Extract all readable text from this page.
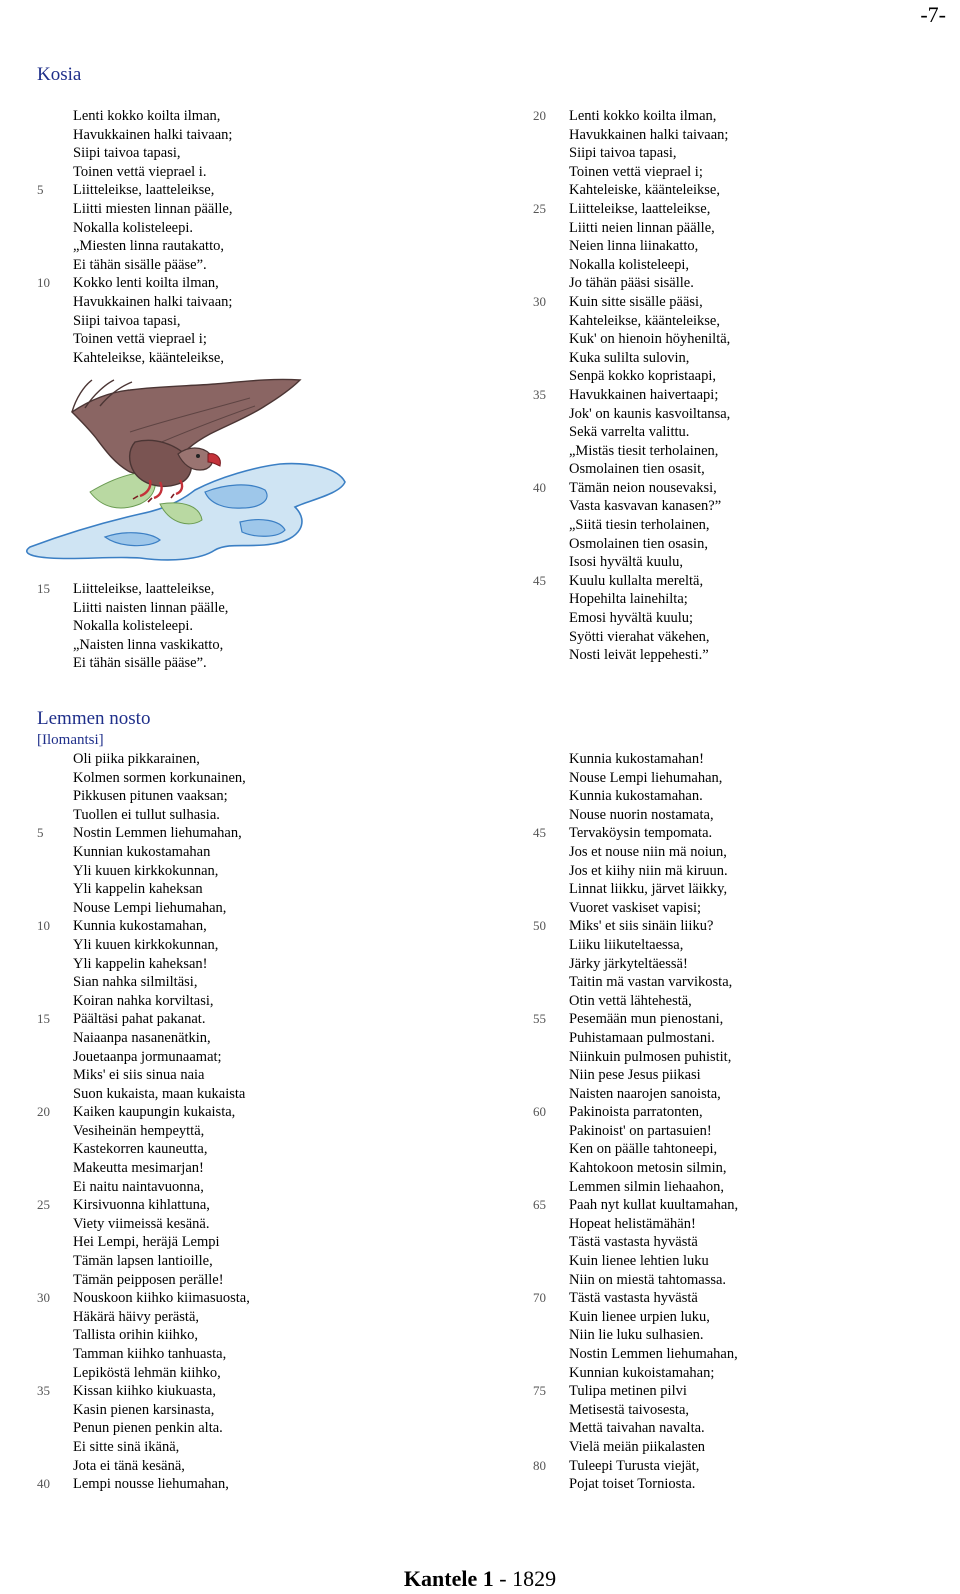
-7-
Kosia
Lenti kokko koilta ilman,
Havukkainen halki taivaan;
Siipi taivoa tapasi,
Toinen vettä vieprael i.
5	Liitteleikse, laatteleikse,
Liitti miesten linnan päälle,
Nokalla kolisteleepi.
„Miesten linna rautakatto,
Ei tähän sisälle pääse”.
10	Kokko lenti koilta ilman,
Havukkainen halki taivaan;
Siipi taivoa tapasi,
Toinen vettä vieprael i;
Kahteleikse, käänteleikse,
15	Liitteleikse, laatteleikse,
Liitti naisten linnan päälle,
Nokalla kolisteleepi.
„Naisten linna vaskikatto,
Ei tähän sisälle pääse”.
20	Lenti kokko koilta ilman,
Havukkainen halki taivaan;
Siipi taivoa tapasi,
Toinen vettä vieprael i;
Kahteleiske, käänteleikse,
25	Liitteleikse, laatteleikse,
Liitti neien linnan päälle,
Neien linna liinakatto,
Nokalla kolisteleepi,
Jo tähän pääsi sisälle.
30	Kuin sitte sisälle pääsi,
Kahteleikse, käänteleikse,
Kuk' on hienoin höyheniltä,
Kuka sulilta sulovin,
Senpä kokko kopristaapi,
35	Havukkainen haivertaapi;
Jok' on kaunis kasvoiltansa,
Sekä varrelta valittu.
„Mistäs tiesit terholainen,
Osmolainen tien osasit,
40	Tämän neion nousevaksi,
Vasta kasvavan kanasen?”
„Siitä tiesin terholainen,
Osmolainen tien osasin,
Isosi hyvältä kuulu,
45	Kuulu kullalta mereltä,
Hopehilta lainehilta;
Emosi hyvältä kuulu;
Syötti vierahat väkehen,
Nosti leivät leppehesti.”
Lemmen nosto
[Ilomantsi]
Oli piika pikkarainen,
Kolmen sormen korkunainen,
Pikkusen pitunen vaaksan;
Tuollen ei tullut sulhasia.
5	Nostin Lemmen liehumahan,
Kunnian kukostamahan
Yli kuuen kirkkokunnan,
Yli kappelin kaheksan
Nouse Lempi liehumahan,
10	Kunnia kukostamahan,
Yli kuuen kirkkokunnan,
Yli kappelin kaheksan!
Sian nahka silmiltäsi,
Koiran nahka korviltasi,
15	Päältäsi pahat pakanat.
Naiaanpa nasanenätkin,
Jouetaanpa jormunaamat;
Miks' ei siis sinua naia
Suon kukaista, maan kukaista
20	Kaiken kaupungin kukaista,
Vesiheinän hempeyttä,
Kastekorren kauneutta,
Makeutta mesimarjan!
Ei naitu naintavuonna,
25	Kirsivuonna kihlattuna,
Viety viimeissä kesänä.
Hei Lempi, heräjä Lempi
Tämän lapsen lantioille,
Tämän peipposen perälle!
30	Nouskoon kiihko kiimasuosta,
Häkärä häivy perästä,
Tallista orihin kiihko,
Tamman kiihko tanhuasta,
Lepiköstä lehmän kiihko,
35	Kissan kiihko kiukuasta,
Kasin pienen karsinasta,
Penun pienen penkin alta.
Ei sitte sinä ikänä,
Jota ei tänä kesänä,
40	Lempi nousse liehumahan,
Kunnia kukostamahan!
Nouse Lempi liehumahan,
Kunnia kukostamahan.
Nouse nuorin nostamata,
45	Tervaköysin tempomata.
Jos et nouse niin mä noiun,
Jos et kiihy niin mä kiruun.
Linnat liikku, järvet läikky,
Vuoret vaskiset vapisi;
50	Miks' et siis sinäin liiku?
Liiku liikuteltaessa,
Järky järkyteltäessä!
Taitin mä vastan varvikosta,
Otin vettä lähtehestä,
55	Pesemään mun pienostani,
Puhistamaan pulmostani.
Niinkuin pulmosen puhistit,
Niin pese Jesus piikasi
Naisten naarojen sanoista,
60	Pakinoista parratonten,
Pakinoist' on partasuien!
Ken on päälle tahtoneepi,
Kahtokoon metosin silmin,
Lemmen silmin liehaahon,
65	Paah nyt kullat kuultamahan,
Hopeat helistämähän!
Tästä vastasta hyvästä
Kuin lienee lehtien luku
Niin on miestä tahtomassa.
70	Tästä vastasta hyvästä
Kuin lienee urpien luku,
Niin lie luku sulhasien.
Nostin Lemmen liehumahan,
Kunnian kukoistamahan;
75	Tulipa metinen pilvi
Metisestä taivosesta,
Mettä taivahan navalta.
Vielä meiän piikalasten
80	Tuleepi Turusta viejät,
Pojat toiset Torniosta.
Kantele 1 - 1829
